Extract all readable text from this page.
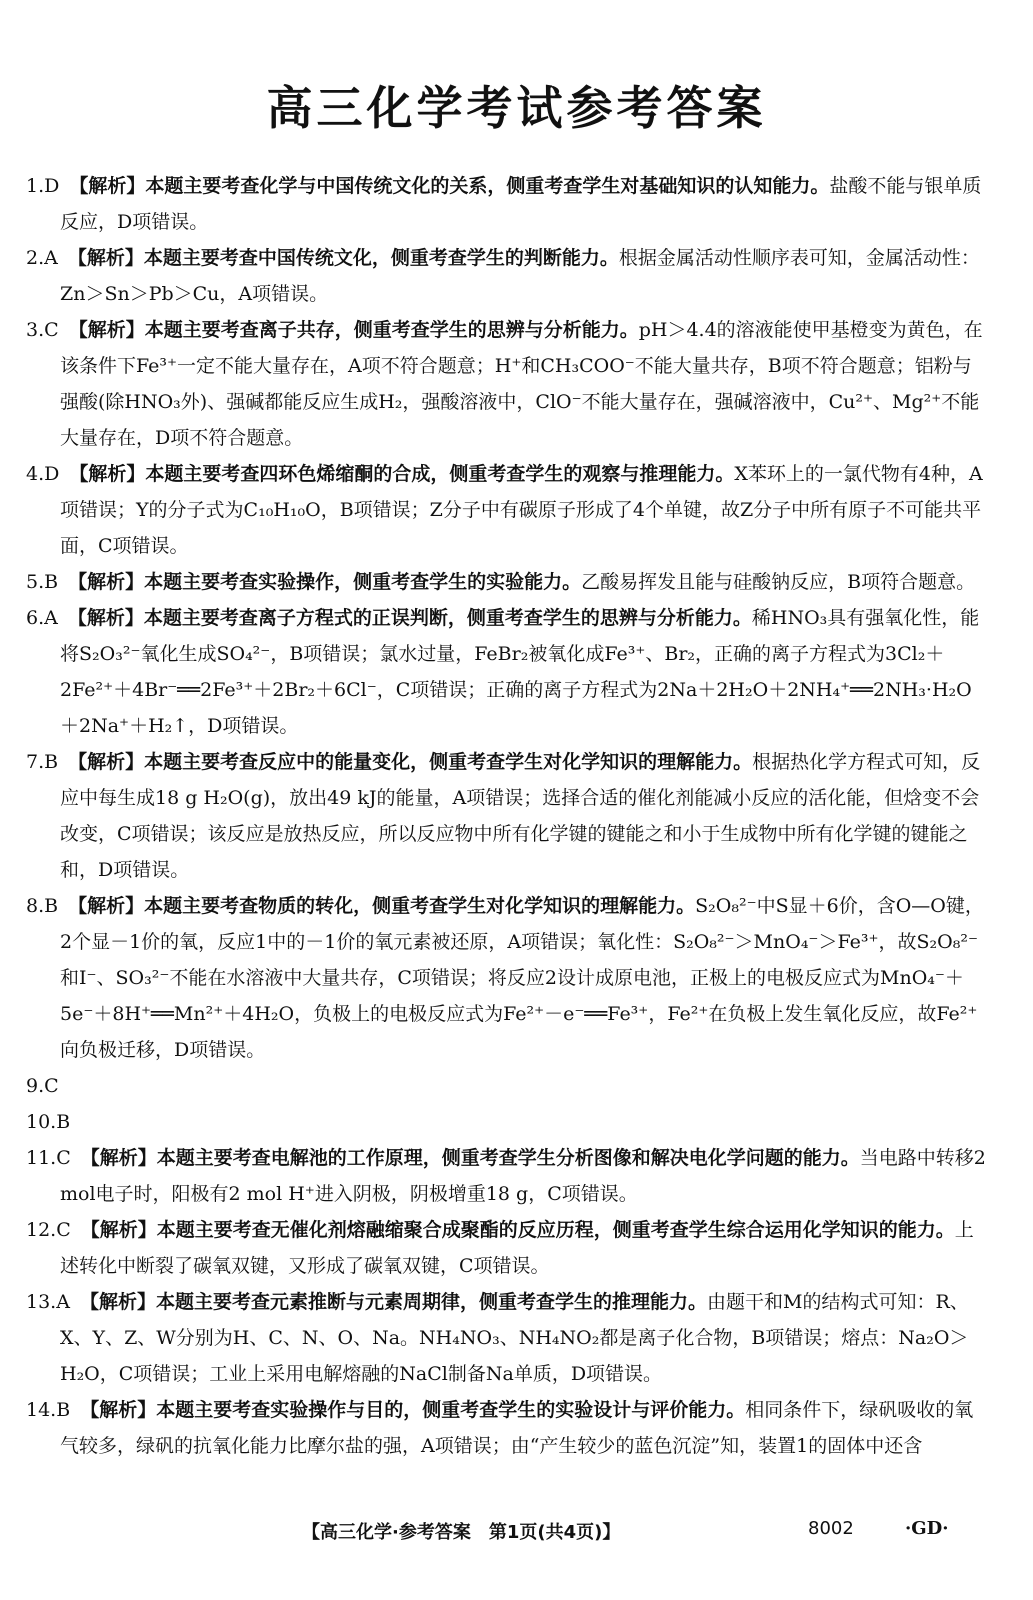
高三化学考试参考答案
1.D 【解析】本题主要考查化学与中国传统文化的关系，侧重考查学生对基础知识的认知能力。盐酸不能与银单质反应，D项错误。
2.A 【解析】本题主要考查中国传统文化，侧重考查学生的判断能力。根据金属活动性顺序表可知，金属活动性：Zn＞Sn＞Pb＞Cu，A项错误。
3.C 【解析】本题主要考查离子共存，侧重考查学生的思辨与分析能力。pH＞4.4的溶液能使甲基橙变为黄色，在该条件下Fe³⁺一定不能大量存在，A项不符合题意；H⁺和CH₃COO⁻不能大量共存，B项不符合题意；铝粉与强酸(除HNO₃外)、强碱都能反应生成H₂，强酸溶液中，ClO⁻不能大量存在，强碱溶液中，Cu²⁺、Mg²⁺不能大量存在，D项不符合题意。
4.D 【解析】本题主要考查四环色烯缩酮的合成，侧重考查学生的观察与推理能力。X苯环上的一氯代物有4种，A项错误；Y的分子式为C₁₀H₁₀O，B项错误；Z分子中有碳原子形成了4个单键，故Z分子中所有原子不可能共平面，C项错误。
5.B 【解析】本题主要考查实验操作，侧重考查学生的实验能力。乙酸易挥发且能与硅酸钠反应，B项符合题意。
6.A 【解析】本题主要考查离子方程式的正误判断，侧重考查学生的思辨与分析能力。稀HNO₃具有强氧化性，能将S₂O₃²⁻氧化生成SO₄²⁻，B项错误；氯水过量，FeBr₂被氧化成Fe³⁺、Br₂，正确的离子方程式为3Cl₂＋2Fe²⁺＋4Br⁻══2Fe³⁺＋2Br₂＋6Cl⁻，C项错误；正确的离子方程式为2Na＋2H₂O＋2NH₄⁺══2NH₃·H₂O＋2Na⁺＋H₂↑，D项错误。
7.B 【解析】本题主要考查反应中的能量变化，侧重考查学生对化学知识的理解能力。根据热化学方程式可知，反应中每生成18 g H₂O(g)，放出49 kJ的能量，A项错误；选择合适的催化剂能减小反应的活化能，但焓变不会改变，C项错误；该反应是放热反应，所以反应物中所有化学键的键能之和小于生成物中所有化学键的键能之和，D项错误。
8.B 【解析】本题主要考查物质的转化，侧重考查学生对化学知识的理解能力。S₂O₈²⁻中S显＋6价，含O—O键，2个显－1价的氧，反应1中的－1价的氧元素被还原，A项错误；氧化性：S₂O₈²⁻＞MnO₄⁻＞Fe³⁺，故S₂O₈²⁻和I⁻、SO₃²⁻不能在水溶液中大量共存，C项错误；将反应2设计成原电池，正极上的电极反应式为MnO₄⁻＋5e⁻＋8H⁺══Mn²⁺＋4H₂O，负极上的电极反应式为Fe²⁺－e⁻══Fe³⁺，Fe²⁺在负极上发生氧化反应，故Fe²⁺向负极迁移，D项错误。
9.C
10.B
11.C 【解析】本题主要考查电解池的工作原理，侧重考查学生分析图像和解决电化学问题的能力。当电路中转移2 mol电子时，阳极有2 mol H⁺进入阴极，阴极增重18 g，C项错误。
12.C 【解析】本题主要考查无催化剂熔融缩聚合成聚酯的反应历程，侧重考查学生综合运用化学知识的能力。上述转化中断裂了碳氧双键，又形成了碳氧双键，C项错误。
13.A 【解析】本题主要考查元素推断与元素周期律，侧重考查学生的推理能力。由题干和M的结构式可知：R、X、Y、Z、W分别为H、C、N、O、Na。NH₄NO₃、NH₄NO₂都是离子化合物，B项错误；熔点：Na₂O＞H₂O，C项错误；工业上采用电解熔融的NaCl制备Na单质，D项错误。
14.B 【解析】本题主要考查实验操作与目的，侧重考查学生的实验设计与评价能力。相同条件下，绿矾吸收的氧气较多，绿矾的抗氧化能力比摩尔盐的强，A项错误；由“产生较少的蓝色沉淀”知，装置1的固体中还含
【高三化学·参考答案　第1页(共4页)】	8002	·GD·
